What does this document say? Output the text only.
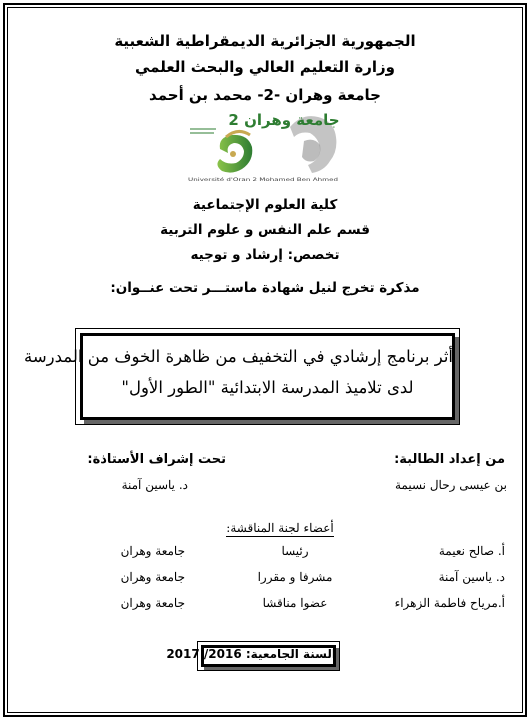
الجمهورية الجزائرية الديمقراطية الشعبية
وزارة التعليم العالي والبحث العلمي
جامعة وهران -2- محمد بن أحمد
جامعة وهران 2
Université d'Oran 2 Mohamed Ben Ahmed
كلية العلوم الإجتماعية
قسم علم النفس و علوم التربية
تخصص: إرشاد و توجيه
مذكرة تخرج لنيل شهادة ماستـــر تحت عنــوان:
أثر برنامج إرشادي في التخفيف من ظاهرة الخوف من المدرسة
لدى تلاميذ المدرسة الابتدائية "الطور الأول"
من إعداد الطالبة:
بن عيسى رحال نسيمة
تحت إشراف الأستاذة:
د. ياسين آمنة
أعضاء لجنة المناقشة:
أ. صالح نعيمة
رئيسا
جامعة وهران
د. ياسين آمنة
مشرفا و مقررا
جامعة وهران
أ.مرياح فاطمة الزهراء
عضوا مناقشا
جامعة وهران
السنة الجامعية: 2016/ 2017
